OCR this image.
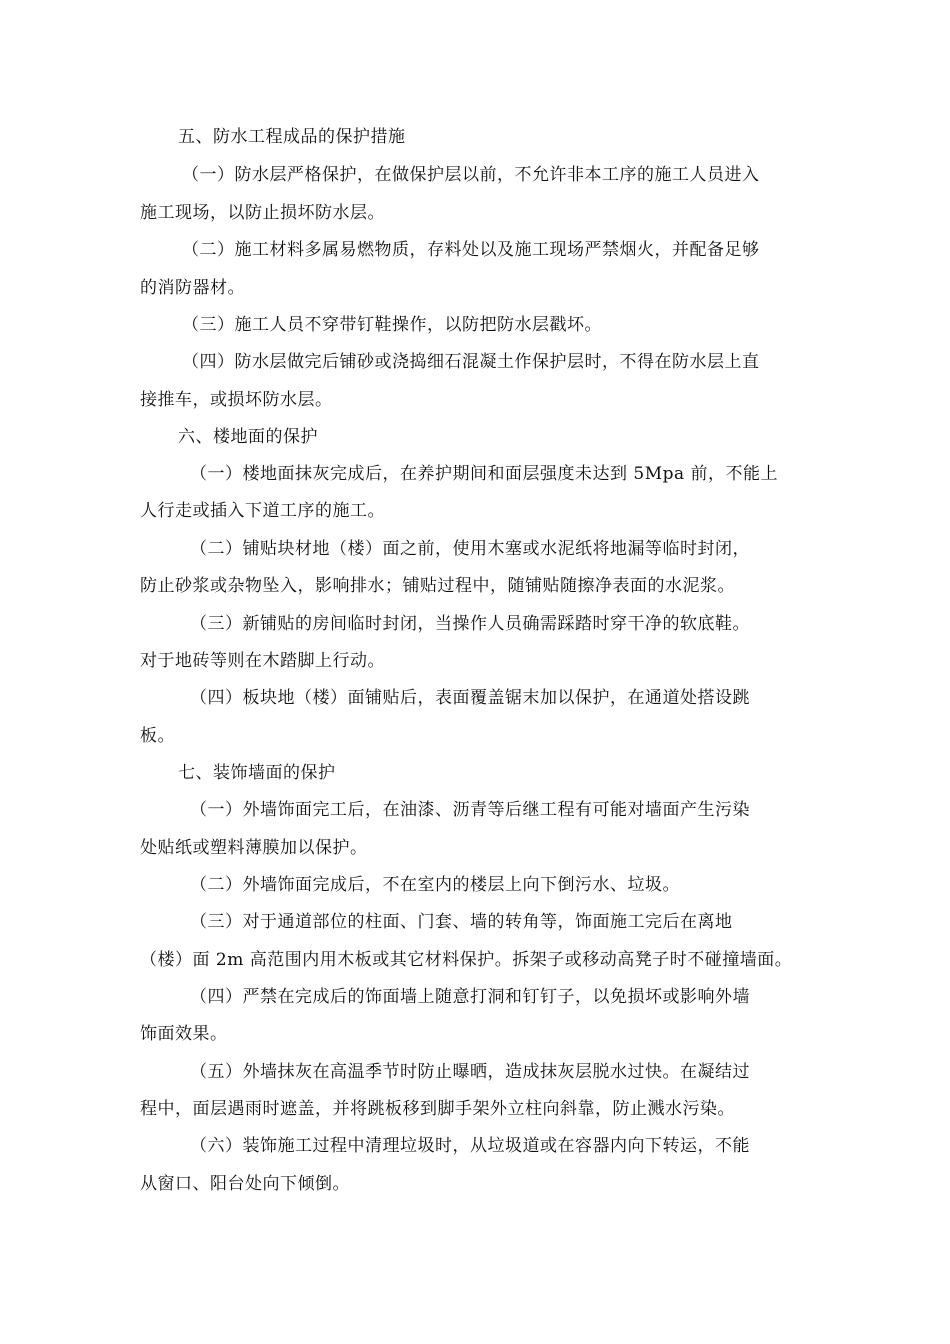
五、防水工程成品的保护措施
（一）防水层严格保护，在做保护层以前，不允许非本工序的施工人员进入
施工现场，以防止损坏防水层。
（二）施工材料多属易燃物质，存料处以及施工现场严禁烟火，并配备足够
的消防器材。
（三）施工人员不穿带钉鞋操作，以防把防水层戳坏。
（四）防水层做完后铺砂或浇捣细石混凝土作保护层时，不得在防水层上直
接推车，或损坏防水层。
六、楼地面的保护
（一）楼地面抹灰完成后，在养护期间和面层强度未达到 5Mpa 前，不能上
人行走或插入下道工序的施工。
（二）铺贴块材地（楼）面之前，使用木塞或水泥纸将地漏等临时封闭，
防止砂浆或杂物坠入，影响排水；铺贴过程中，随铺贴随擦净表面的水泥浆。
（三）新铺贴的房间临时封闭，当操作人员确需踩踏时穿干净的软底鞋。
对于地砖等则在木踏脚上行动。
（四）板块地（楼）面铺贴后，表面覆盖锯末加以保护，在通道处搭设跳
板。
七、装饰墙面的保护
（一）外墙饰面完工后，在油漆、沥青等后继工程有可能对墙面产生污染
处贴纸或塑料薄膜加以保护。
（二）外墙饰面完成后，不在室内的楼层上向下倒污水、垃圾。
（三）对于通道部位的柱面、门套、墙的转角等，饰面施工完后在离地
（楼）面 2m 高范围内用木板或其它材料保护。拆架子或移动高凳子时不碰撞墙面。
（四）严禁在完成后的饰面墙上随意打洞和钉钉子，以免损坏或影响外墙
饰面效果。
（五）外墙抹灰在高温季节时防止曝晒，造成抹灰层脱水过快。在凝结过
程中，面层遇雨时遮盖，并将跳板移到脚手架外立柱向斜靠，防止溅水污染。
（六）装饰施工过程中清理垃圾时，从垃圾道或在容器内向下转运，不能
从窗口、阳台处向下倾倒。
